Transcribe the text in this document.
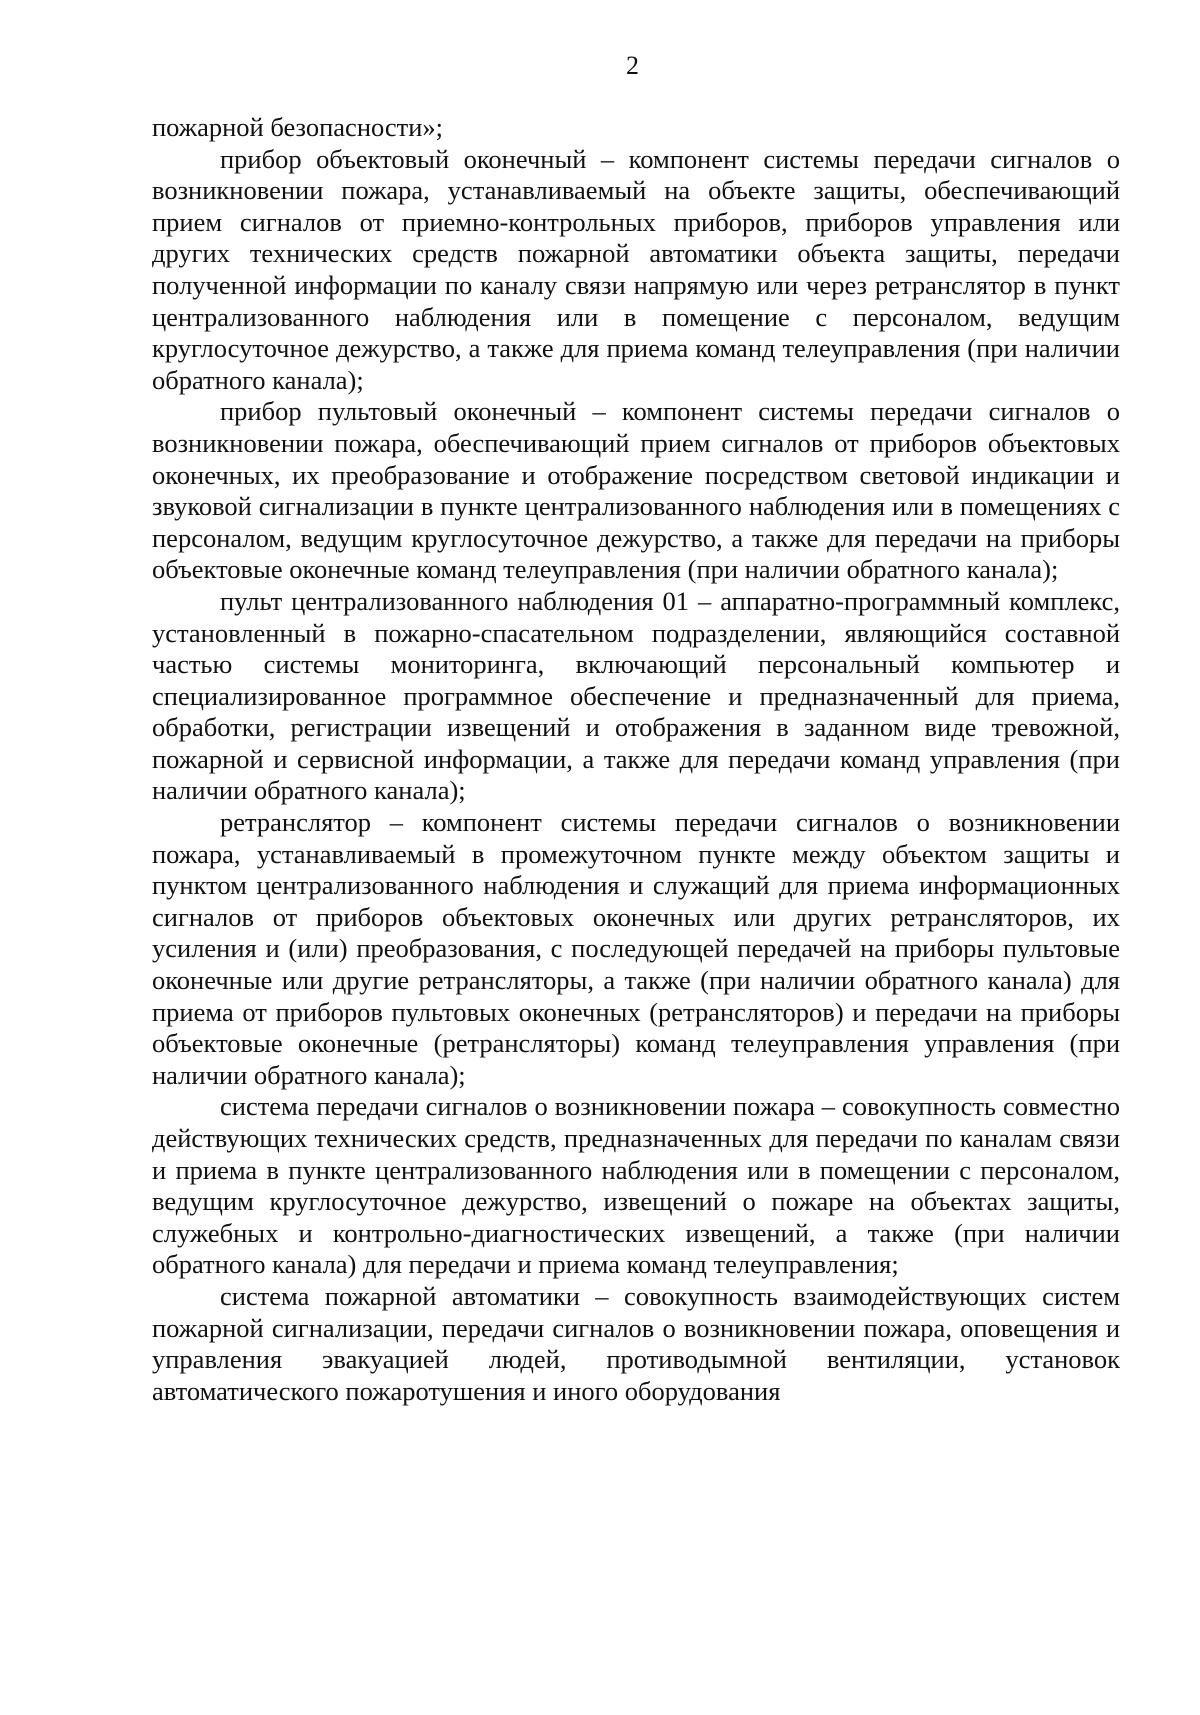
2

пожарной безопасности»;

прибор объектовый оконечный – компонент системы передачи сигналов о возникновении пожара, устанавливаемый на объекте защиты, обеспечивающий прием сигналов от приемно-контрольных приборов, приборов управления или других технических средств пожарной автоматики объекта защиты, передачи полученной информации по каналу связи напрямую или через ретранслятор в пункт централизованного наблюдения или в помещение с персоналом, ведущим круглосуточное дежурство, а также для приема команд телеуправления (при наличии обратного канала);

прибор пультовый оконечный – компонент системы передачи сигналов о возникновении пожара, обеспечивающий прием сигналов от приборов объектовых оконечных, их преобразование и отображение посредством световой индикации и звуковой сигнализации в пункте централизованного наблюдения или в помещениях с персоналом, ведущим круглосуточное дежурство, а также для передачи на приборы объектовые оконечные команд телеуправления (при наличии обратного канала);

пульт централизованного наблюдения 01 – аппаратно-программный комплекс, установленный в пожарно-спасательном подразделении, являющийся составной частью системы мониторинга, включающий персональный компьютер и специализированное программное обеспечение и предназначенный для приема, обработки, регистрации извещений и отображения в заданном виде тревожной, пожарной и сервисной информации, а также для передачи команд управления (при наличии обратного канала);

ретранслятор – компонент системы передачи сигналов о возникновении пожара, устанавливаемый в промежуточном пункте между объектом защиты и пунктом централизованного наблюдения и служащий для приема информационных сигналов от приборов объектовых оконечных или других ретрансляторов, их усиления и (или) преобразования, с последующей передачей на приборы пультовые оконечные или другие ретрансляторы, а также (при наличии обратного канала) для приема от приборов пультовых оконечных (ретрансляторов) и передачи на приборы объектовые оконечные (ретрансляторы) команд телеуправления управления (при наличии обратного канала);

система передачи сигналов о возникновении пожара – совокупность совместно действующих технических средств, предназначенных для передачи по каналам связи и приема в пункте централизованного наблюдения или в помещении с персоналом, ведущим круглосуточное дежурство, извещений о пожаре на объектах защиты, служебных и контрольно-диагностических извещений, а также (при наличии обратного канала) для передачи и приема команд телеуправления;

система пожарной автоматики – совокупность взаимодействующих систем пожарной сигнализации, передачи сигналов о возникновении пожара, оповещения и управления эвакуацией людей, противодымной вентиляции, установок автоматического пожаротушения и иного оборудования
